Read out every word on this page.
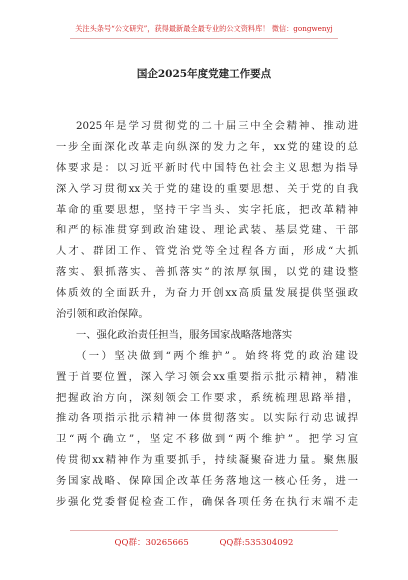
关注头条号“公文研究”，获得最新最全最专业的公文资料库！ 微信：gongwenyj
国企2025年度党建工作要点
2025年是学习贯彻党的二十届三中全会精神、推动进
一步全面深化改革走向纵深的发力之年，xx党的建设的总
体要求是：以习近平新时代中国特色社会主义思想为指导
深入学习贯彻xx关于党的建设的重要思想、关于党的自我
革命的重要思想，坚持干字当头、实字托底，把改革精神
和严的标准贯穿到政治建设、理论武装、基层党建、干部
人才、群团工作、管党治党等全过程各方面，形成“大抓
落实、狠抓落实、善抓落实”的浓厚氛围，以党的建设整
体质效的全面跃升，为奋力开创xx高质量发展提供坚强政
治引领和政治保障。
一、强化政治责任担当，服务国家战略落地落实
（一）坚决做到“两个维护”。始终将党的政治建设
置于首要位置，深入学习领会xx重要指示批示精神，精准
把握政治方向，深刻领会工作要求，系统梳理思路举措，
推动各项指示批示精神一体贯彻落实。以实际行动忠诚捍
卫“两个确立”，坚定不移做到“两个维护”。把学习宣
传贯彻xx精神作为重要抓手，持续凝聚奋进力量。聚焦服
务国家战略、保障国企改革任务落地这一核心任务，进一
步强化党委督促检查工作，确保各项任务在执行末端不走
QQ群：30265665	QQ群:535304092
